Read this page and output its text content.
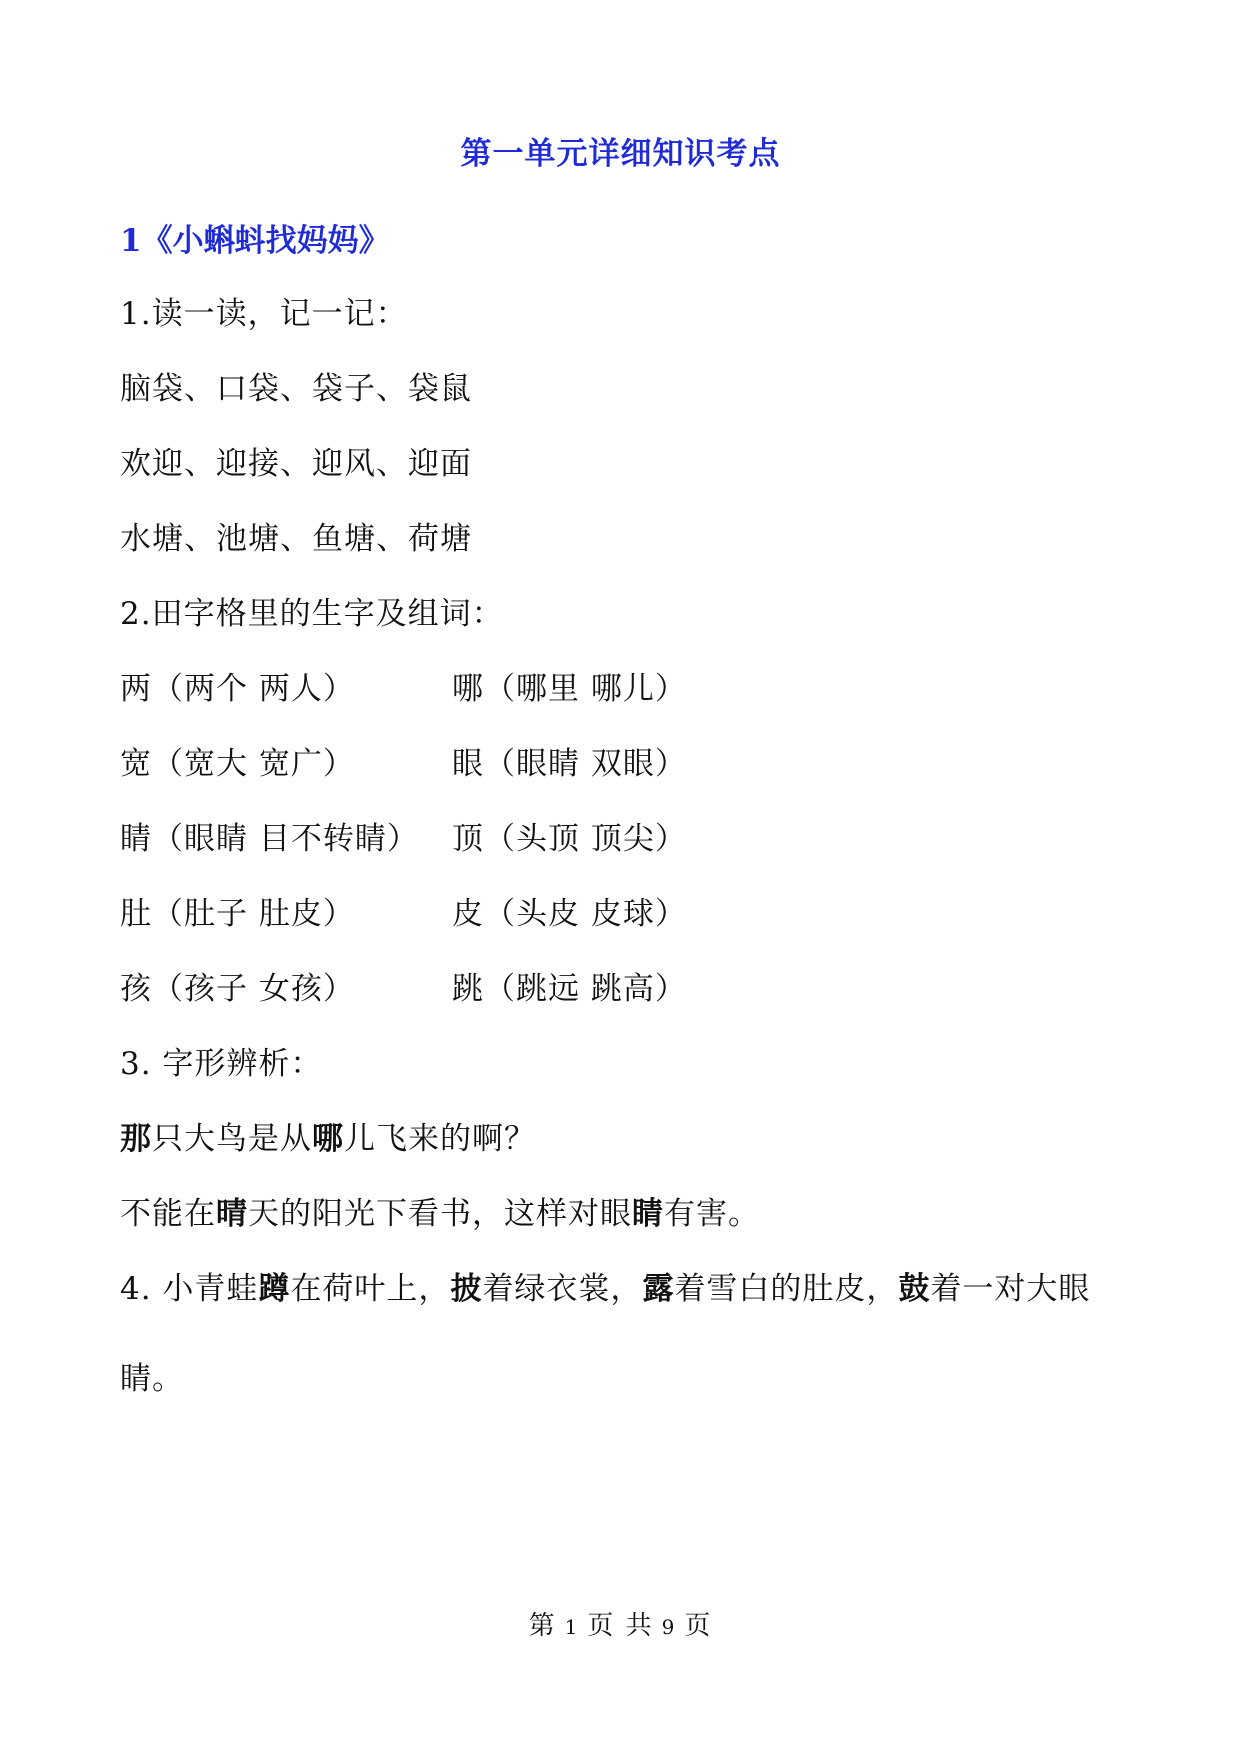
第一单元详细知识考点
1《小蝌蚪找妈妈》
1.读一读，记一记：
脑袋、口袋、袋子、袋鼠
欢迎、迎接、迎风、迎面
水塘、池塘、鱼塘、荷塘
2.田字格里的生字及组词：
两（两个 两人）	哪（哪里 哪儿）
宽（宽大 宽广）	眼（眼睛 双眼）
睛（眼睛 目不转睛） 顶（头顶 顶尖）
肚（肚子 肚皮）	皮（头皮 皮球）
孩（孩子 女孩）	跳（跳远 跳高）
3. 字形辨析：
那只大鸟是从哪儿飞来的啊？
不能在晴天的阳光下看书，这样对眼睛有害。
4. 小青蛙蹲在荷叶上，披着绿衣裳，露着雪白的肚皮，鼓着一对大眼
睛。
第 1 页 共 9 页
